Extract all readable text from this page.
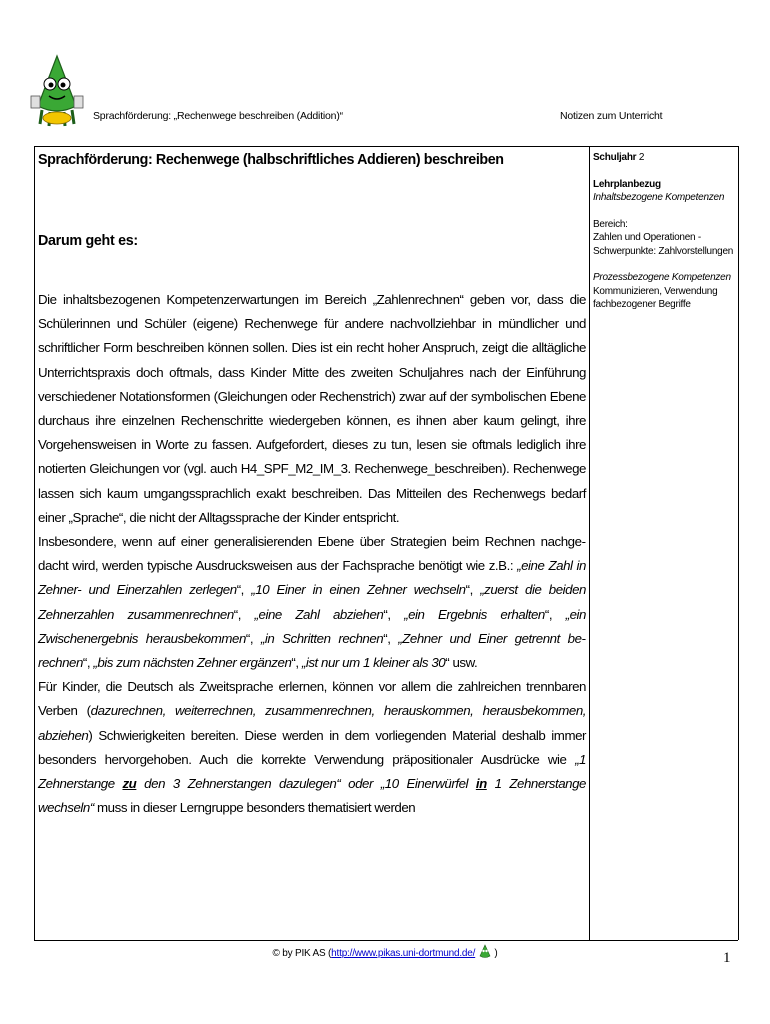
Sprachförderung: „Rechenwege beschreiben (Addition)“	Notizen zum Unterricht
Sprachförderung: Rechenwege (halbschriftliches Addieren) beschreiben
Darum geht es:

Die inhaltsbezogenen Kompetenzerwartungen im Bereich „Zahlenrechnen“ geben vor, dass die Schülerinnen und Schüler (eigene) Rechenwege für andere nachvollziehbar in mündlicher und schriftlicher Form beschreiben können sollen. Dies ist ein recht hoher Anspruch, zeigt die alltägliche Unterrichtspraxis doch oftmals, dass Kinder Mitte des zweiten Schuljahres nach der Einführung verschiedener Notationsformen (Gleichungen oder Rechenstrich) zwar auf der symbolischen Ebene durchaus ihre einzelnen Rechenschritte wiedergeben können, es ihnen aber kaum gelingt, ihre Vorgehensweisen in Worte zu fassen. Aufgefordert, dieses zu tun, lesen sie oftmals lediglich ihre notierten Gleichungen vor (vgl. auch H4_SPF_M2_IM_3. Rechenwege_beschreiben). Rechenwege lassen sich kaum umgangssprachlich exakt beschreiben. Das Mitteilen des Rechenwegs bedarf einer „Sprache“, die nicht der Alltagssprache der Kinder entspricht.

Insbesondere, wenn auf einer generalisierenden Ebene über Strategien beim Rechnen nachgedacht wird, werden typische Ausdrucksweisen aus der Fachsprache benötigt wie z.B.: „eine Zahl in Zehner- und Einerzahlen zerlegen“, „10 Einer in einen Zehner wechseln“, „zuerst die beiden Zehnerzahlen zusammenrechnen“, „eine Zahl abziehen“, „ein Ergebnis erhalten“, „ein Zwischenergebnis herausbekommen“, „in Schritten rechnen“, „Zehner und Einer getrennt berechnen“, „bis zum nächsten Zehner ergänzen“, „ist nur um 1 kleiner als 30“ usw.

Für Kinder, die Deutsch als Zweitsprache erlernen, können vor allem die zahlreichen trennbaren Verben (dazurechnen, weiterrechnen, zusammenrechnen, herauskommen, herausbekommen, abziehen) Schwierigkeiten bereiten. Diese werden in dem vorliegenden Material deshalb immer besonders hervorgehoben. Auch die korrekte Verwendung präpositionaler Ausdrücke wie „1 Zehnerstange zu den 3 Zehnerstangen dazulegen“ oder „10 Einerwürfel in 1 Zehnerstange wechseln“ muss in dieser Lerngruppe besonders thematisiert werden

Schuljahr 2
Lehrplanbezug
Inhaltsbezogene Kompetenzen
Bereich:
Zahlen und Operationen -
Schwerpunkte: Zahlvorstellungen
Prozessbezogene Kompetenzen
Kommunizieren, Verwendung
fachbezogener Begriffe
© by PIK AS (http://www.pikas.uni-dortmund.de/  )	1
